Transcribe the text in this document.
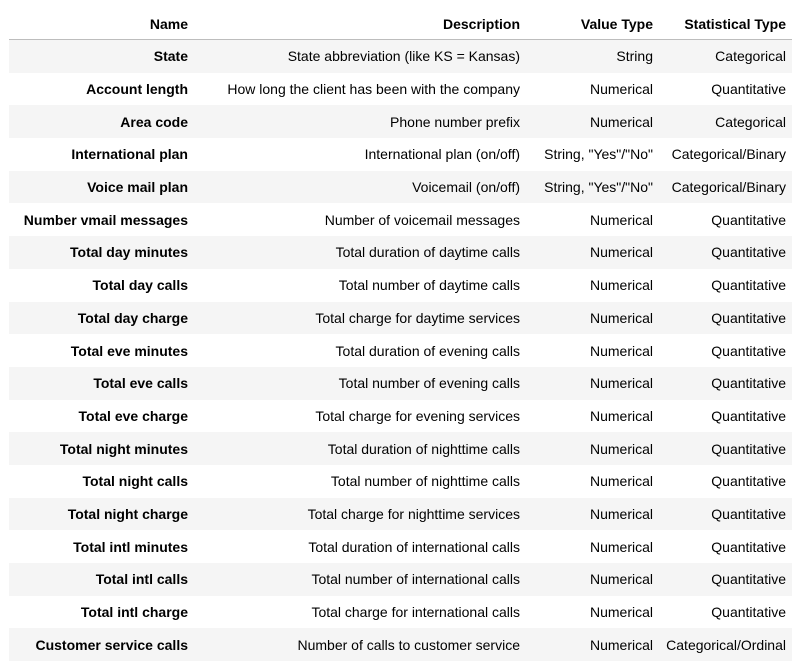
Name	Description	Value Type	Statistical Type
State	State abbreviation (like KS = Kansas)	String	Categorical
Account length	How long the client has been with the company	Numerical	Quantitative
Area code	Phone number prefix	Numerical	Categorical
International plan	International plan (on/off)	String, "Yes"/"No"	Categorical/Binary
Voice mail plan	Voicemail (on/off)	String, "Yes"/"No"	Categorical/Binary
Number vmail messages	Number of voicemail messages	Numerical	Quantitative
Total day minutes	Total duration of daytime calls	Numerical	Quantitative
Total day calls	Total number of daytime calls	Numerical	Quantitative
Total day charge	Total charge for daytime services	Numerical	Quantitative
Total eve minutes	Total duration of evening calls	Numerical	Quantitative
Total eve calls	Total number of evening calls	Numerical	Quantitative
Total eve charge	Total charge for evening services	Numerical	Quantitative
Total night minutes	Total duration of nighttime calls	Numerical	Quantitative
Total night calls	Total number of nighttime calls	Numerical	Quantitative
Total night charge	Total charge for nighttime services	Numerical	Quantitative
Total intl minutes	Total duration of international calls	Numerical	Quantitative
Total intl calls	Total number of international calls	Numerical	Quantitative
Total intl charge	Total charge for international calls	Numerical	Quantitative
Customer service calls	Number of calls to customer service	Numerical	Categorical/Ordinal
